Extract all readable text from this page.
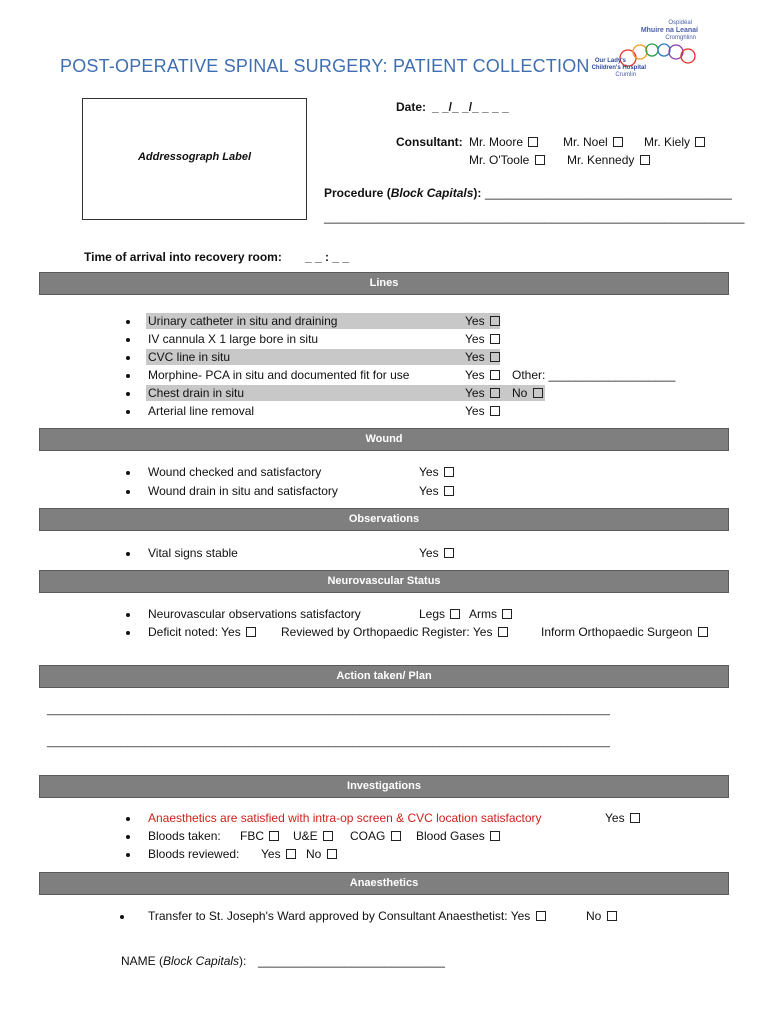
POST-OPERATIVE SPINAL SURGERY: PATIENT COLLECTION
Ospidéal
Mhuire na Leanaí
Cromghlinn
Our Lady's
Children's Hospital
Crumlin
Addressograph Label
Date: _ _/_ _/_ _ _ _
Consultant: Mr. Moore	Mr. Noel	Mr. Kiely
Mr. O'Toole	Mr. Kennedy
Procedure (Block Capitals): _____________________________________
_______________________________________________________________
Time of arrival into recovery room: _ _ : _ _
Lines
Urinary catheter in situ and draining	Yes
IV cannula X 1 large bore in situ	Yes
CVC line in situ	Yes
Morphine- PCA in situ and documented fit for use	Yes	Other: ___________________
Chest drain in situ	Yes	No
Arterial line removal	Yes
Wound
Wound checked and satisfactory	Yes
Wound drain in situ and satisfactory	Yes
Observations
Vital signs stable	Yes
Neurovascular Status
Neurovascular observations satisfactory	Legs	Arms
Deficit noted: Yes	Reviewed by Orthopaedic Register: Yes	Inform Orthopaedic Surgeon
Action taken/ Plan
____________________________________________________________________________________________
____________________________________________________________________________________________
Investigations
Anaesthetics are satisfied with intra-op screen & CVC location satisfactory	Yes
Bloods taken: FBC	U&E	COAG	Blood Gases
Bloods reviewed: Yes	No
Anaesthetics
Transfer to St. Joseph's Ward approved by Consultant Anaesthetist: Yes	No
NAME (Block Capitals): ____________________________
